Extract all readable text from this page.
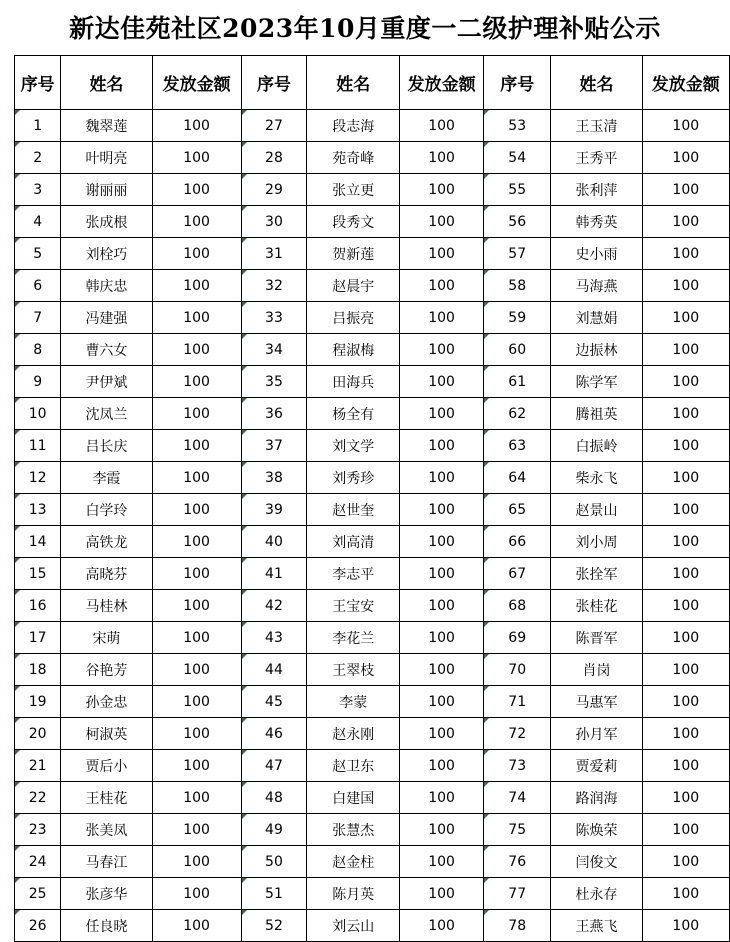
新达佳苑社区2023年10月重度一二级护理补贴公示
序号	姓名	发放金额	序号	姓名	发放金额	序号	姓名	发放金额
1	魏翠莲	100	27	段志海	100	53	王玉清	100
2	叶明亮	100	28	苑奇峰	100	54	王秀平	100
3	谢丽丽	100	29	张立更	100	55	张利萍	100
4	张成根	100	30	段秀文	100	56	韩秀英	100
5	刘栓巧	100	31	贺新莲	100	57	史小雨	100
6	韩庆忠	100	32	赵晨宇	100	58	马海燕	100
7	冯建强	100	33	吕振亮	100	59	刘慧娟	100
8	曹六女	100	34	程淑梅	100	60	边振林	100
9	尹伊斌	100	35	田海兵	100	61	陈学军	100
10	沈凤兰	100	36	杨全有	100	62	腾祖英	100
11	吕长庆	100	37	刘文学	100	63	白振岭	100
12	李霞	100	38	刘秀珍	100	64	柴永飞	100
13	白学玲	100	39	赵世奎	100	65	赵景山	100
14	高铁龙	100	40	刘高清	100	66	刘小周	100
15	高晓芬	100	41	李志平	100	67	张拴军	100
16	马桂林	100	42	王宝安	100	68	张桂花	100
17	宋萌	100	43	李花兰	100	69	陈晋军	100
18	谷艳芳	100	44	王翠枝	100	70	肖岗	100
19	孙金忠	100	45	李蒙	100	71	马惠军	100
20	柯淑英	100	46	赵永刚	100	72	孙月军	100
21	贾后小	100	47	赵卫东	100	73	贾爱莉	100
22	王桂花	100	48	白建国	100	74	路润海	100
23	张美凤	100	49	张慧杰	100	75	陈焕荣	100
24	马春江	100	50	赵金柱	100	76	闫俊文	100
25	张彦华	100	51	陈月英	100	77	杜永存	100
26	任良晓	100	52	刘云山	100	78	王燕飞	100
